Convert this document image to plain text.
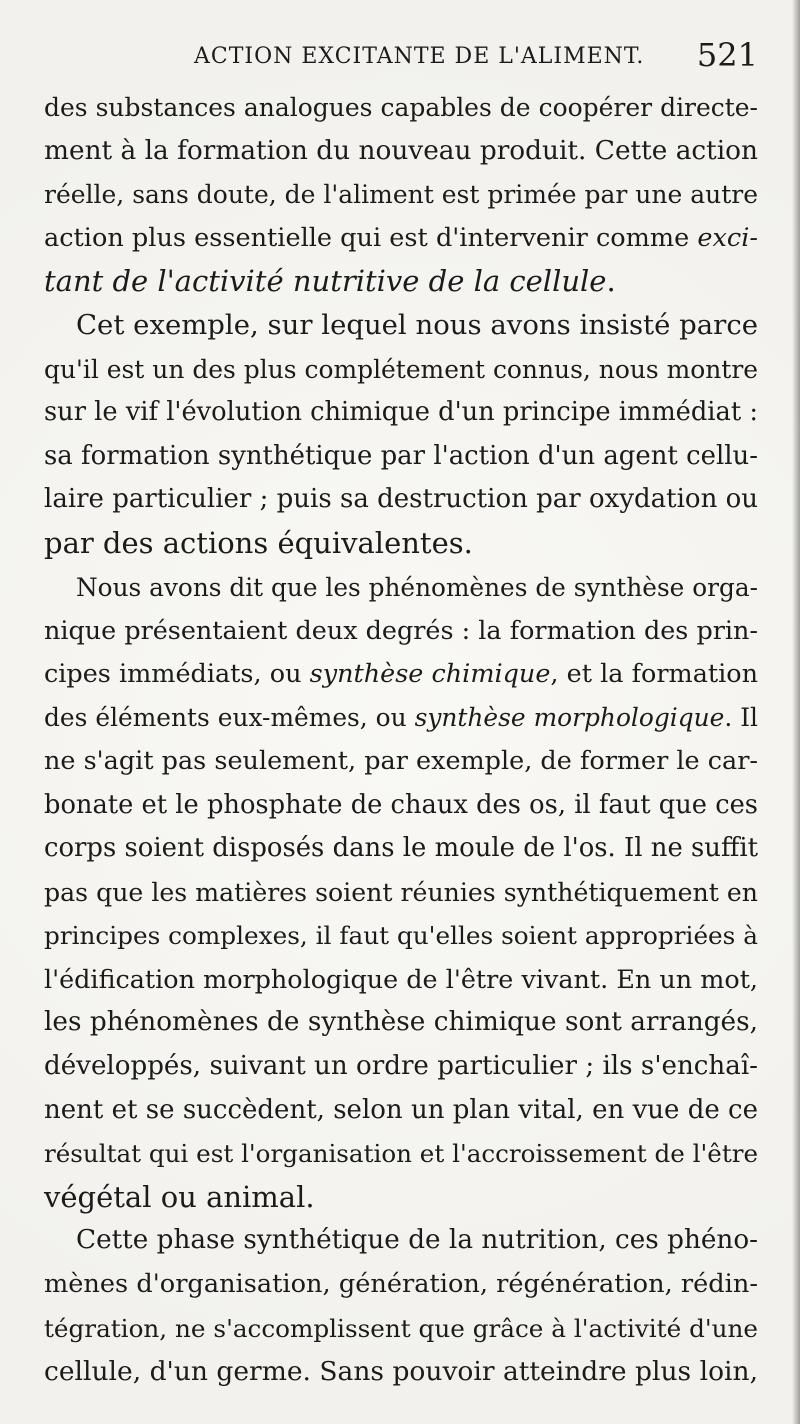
ACTION EXCITANTE DE L'ALIMENT. 521
des substances analogues capables de coopérer directe-
ment à la formation du nouveau produit. Cette action
réelle, sans doute, de l'aliment est primée par une autre
action plus essentielle qui est d'intervenir comme exci-
tant de l'activité nutritive de la cellule.
Cet exemple, sur lequel nous avons insisté parce
qu'il est un des plus complétement connus, nous montre
sur le vif l'évolution chimique d'un principe immédiat :
sa formation synthétique par l'action d'un agent cellu-
laire particulier ; puis sa destruction par oxydation ou
par des actions équivalentes.
Nous avons dit que les phénomènes de synthèse orga-
nique présentaient deux degrés : la formation des prin-
cipes immédiats, ou synthèse chimique, et la formation
des éléments eux-mêmes, ou synthèse morphologique. Il
ne s'agit pas seulement, par exemple, de former le car-
bonate et le phosphate de chaux des os, il faut que ces
corps soient disposés dans le moule de l'os. Il ne suffit
pas que les matières soient réunies synthétiquement en
principes complexes, il faut qu'elles soient appropriées à
l'édification morphologique de l'être vivant. En un mot,
les phénomènes de synthèse chimique sont arrangés,
développés, suivant un ordre particulier ; ils s'enchaî-
nent et se succèdent, selon un plan vital, en vue de ce
résultat qui est l'organisation et l'accroissement de l'être
végétal ou animal.
Cette phase synthétique de la nutrition, ces phéno-
mènes d'organisation, génération, régénération, rédin-
tégration, ne s'accomplissent que grâce à l'activité d'une
cellule, d'un germe. Sans pouvoir atteindre plus loin,
